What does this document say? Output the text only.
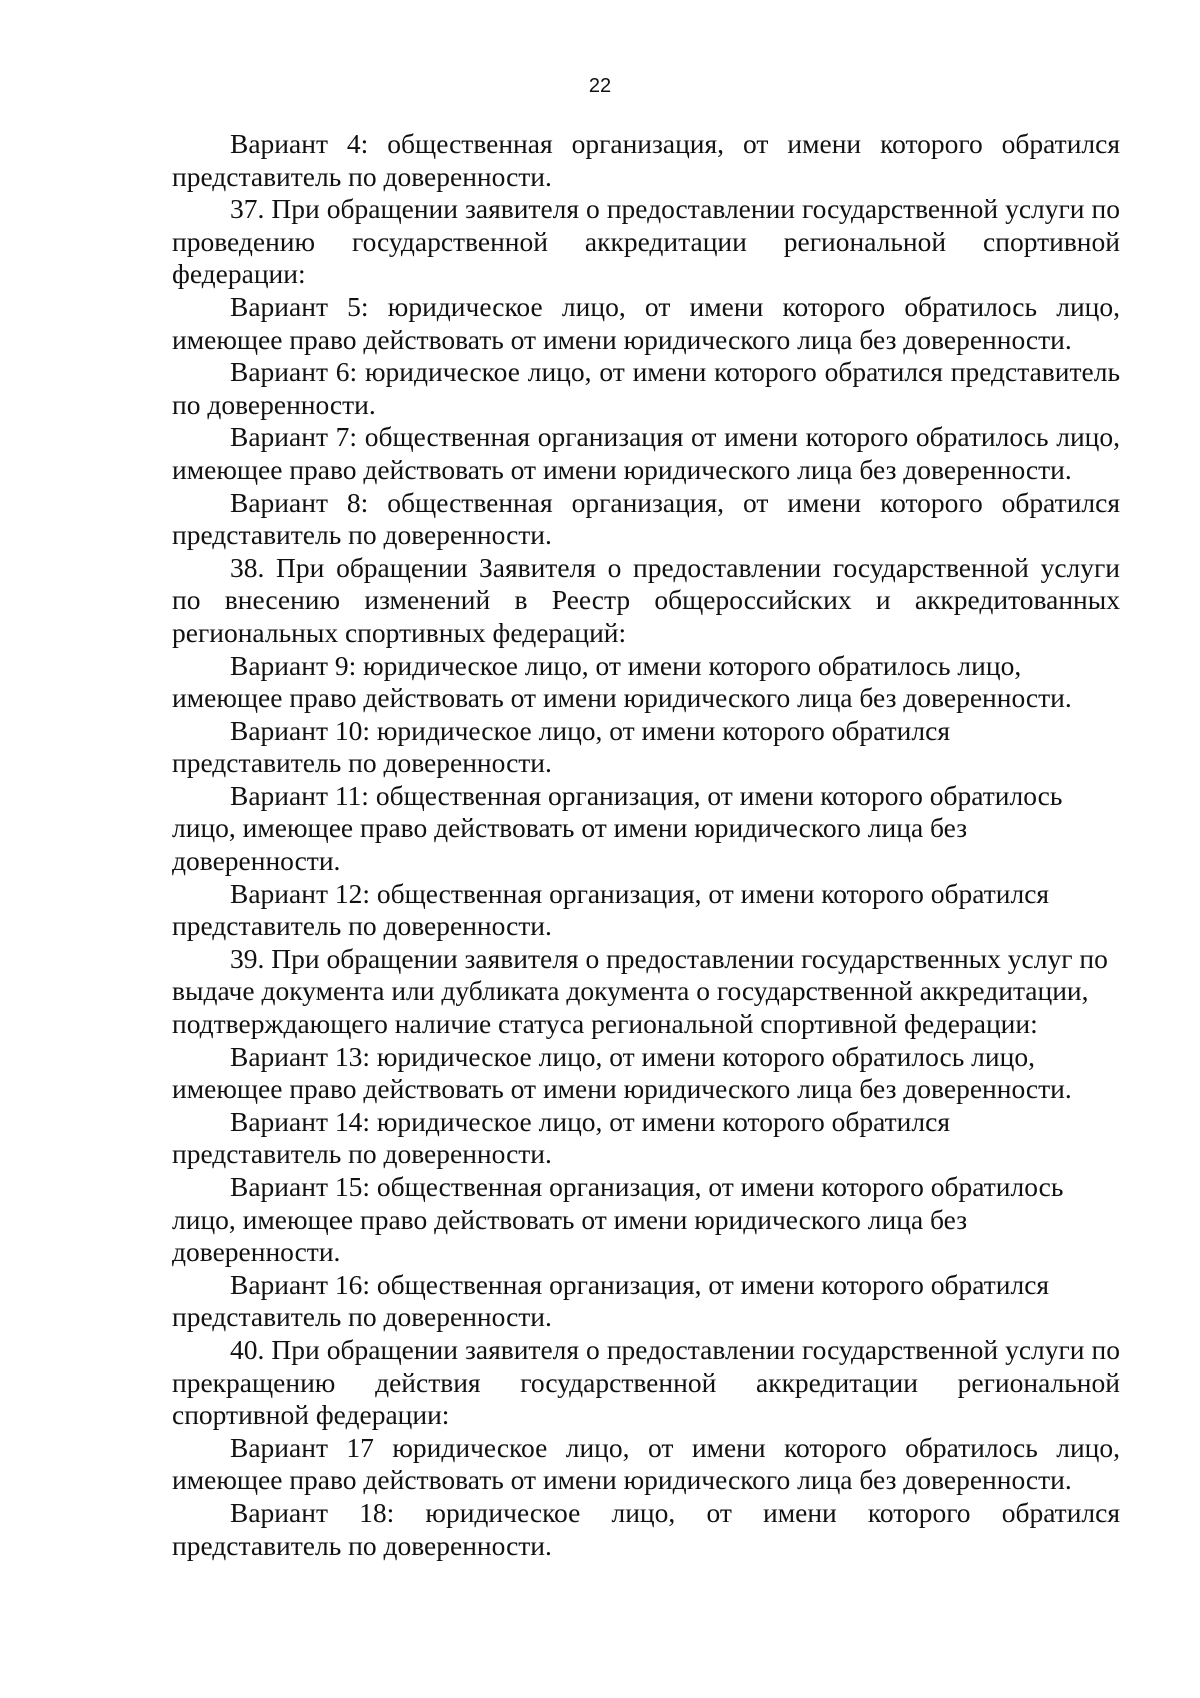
22

Вариант 4: общественная организация, от имени которого обратился представитель по доверенности.

37. При обращении заявителя о предоставлении государственной услуги по проведению государственной аккредитации региональной спортивной федерации:

Вариант 5: юридическое лицо, от имени которого обратилось лицо, имеющее право действовать от имени юридического лица без доверенности.

Вариант 6: юридическое лицо, от имени которого обратился представитель по доверенности.

Вариант 7: общественная организация от имени которого обратилось лицо, имеющее право действовать от имени юридического лица без доверенности.

Вариант 8: общественная организация, от имени которого обратился представитель по доверенности.

38. При обращении Заявителя о предоставлении государственной услуги по внесению изменений в Реестр общероссийских и аккредитованных региональных спортивных федераций:

Вариант 9: юридическое лицо, от имени которого обратилось лицо, имеющее право действовать от имени юридического лица без доверенности.

Вариант 10: юридическое лицо, от имени которого обратился представитель по доверенности.

Вариант 11: общественная организация, от имени которого обратилось лицо, имеющее право действовать от имени юридического лица без доверенности.

Вариант 12: общественная организация, от имени которого обратился представитель по доверенности.

39. При обращении заявителя о предоставлении государственных услуг по выдаче документа или дубликата документа о государственной аккредитации, подтверждающего наличие статуса региональной спортивной федерации:

Вариант 13: юридическое лицо, от имени которого обратилось лицо, имеющее право действовать от имени юридического лица без доверенности.

Вариант 14: юридическое лицо, от имени которого обратился представитель по доверенности.

Вариант 15: общественная организация, от имени которого обратилось лицо, имеющее право действовать от имени юридического лица без доверенности.

Вариант 16: общественная организация, от имени которого обратился представитель по доверенности.

40. При обращении заявителя о предоставлении государственной услуги по прекращению действия государственной аккредитации региональной спортивной федерации:

Вариант 17 юридическое лицо, от имени которого обратилось лицо, имеющее право действовать от имени юридического лица без доверенности.

Вариант 18: юридическое лицо, от имени которого обратился представитель по доверенности.
